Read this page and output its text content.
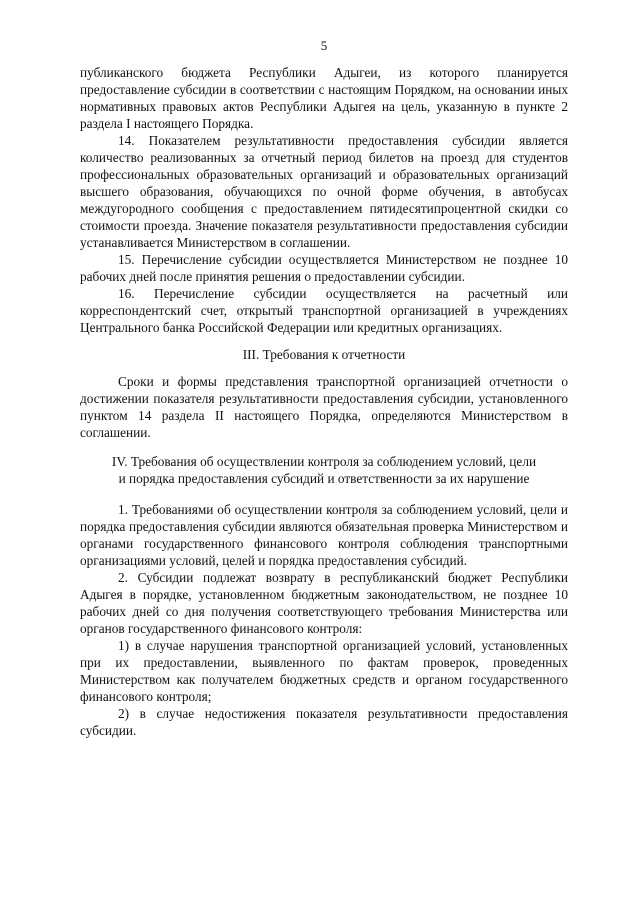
5

публиканского бюджета Республики Адыгеи, из которого планируется предоставление субсидии в соответствии с настоящим Порядком, на основании иных нормативных правовых актов Республики Адыгея на цель, указанную в пункте 2 раздела I настоящего Порядка.

14. Показателем результативности предоставления субсидии является количество реализованных за отчетный период билетов на проезд для студентов профессиональных образовательных организаций и образовательных организаций высшего образования, обучающихся по очной форме обучения, в автобусах междугородного сообщения с предоставлением пятидесятипроцентной скидки со стоимости проезда. Значение показателя результативности предоставления субсидии устанавливается Министерством в соглашении.

15. Перечисление субсидии осуществляется Министерством не позднее 10 рабочих дней после принятия решения о предоставлении субсидии.

16. Перечисление субсидии осуществляется на расчетный или корреспондентский счет, открытый транспортной организацией в учреждениях Центрального банка Российской Федерации или кредитных организациях.

III. Требования к отчетности

Сроки и формы представления транспортной организацией отчетности о достижении показателя результативности предоставления субсидии, установленного пунктом 14 раздела II настоящего Порядка, определяются Министерством в соглашении.

IV. Требования об осуществлении контроля за соблюдением условий, цели
и порядка предоставления субсидий и ответственности за их нарушение

1. Требованиями об осуществлении контроля за соблюдением условий, цели и порядка предоставления субсидии являются обязательная проверка Министерством и органами государственного финансового контроля соблюдения транспортными организациями условий, целей и порядка предоставления субсидий.

2. Субсидии подлежат возврату в республиканский бюджет Республики Адыгея в порядке, установленном бюджетным законодательством, не позднее 10 рабочих дней со дня получения соответствующего требования Министерства или органов государственного финансового контроля:

1) в случае нарушения транспортной организацией условий, установленных при их предоставлении, выявленного по фактам проверок, проведенных Министерством как получателем бюджетных средств и органом государственного финансового контроля;

2) в случае недостижения показателя результативности предоставления субсидии.
